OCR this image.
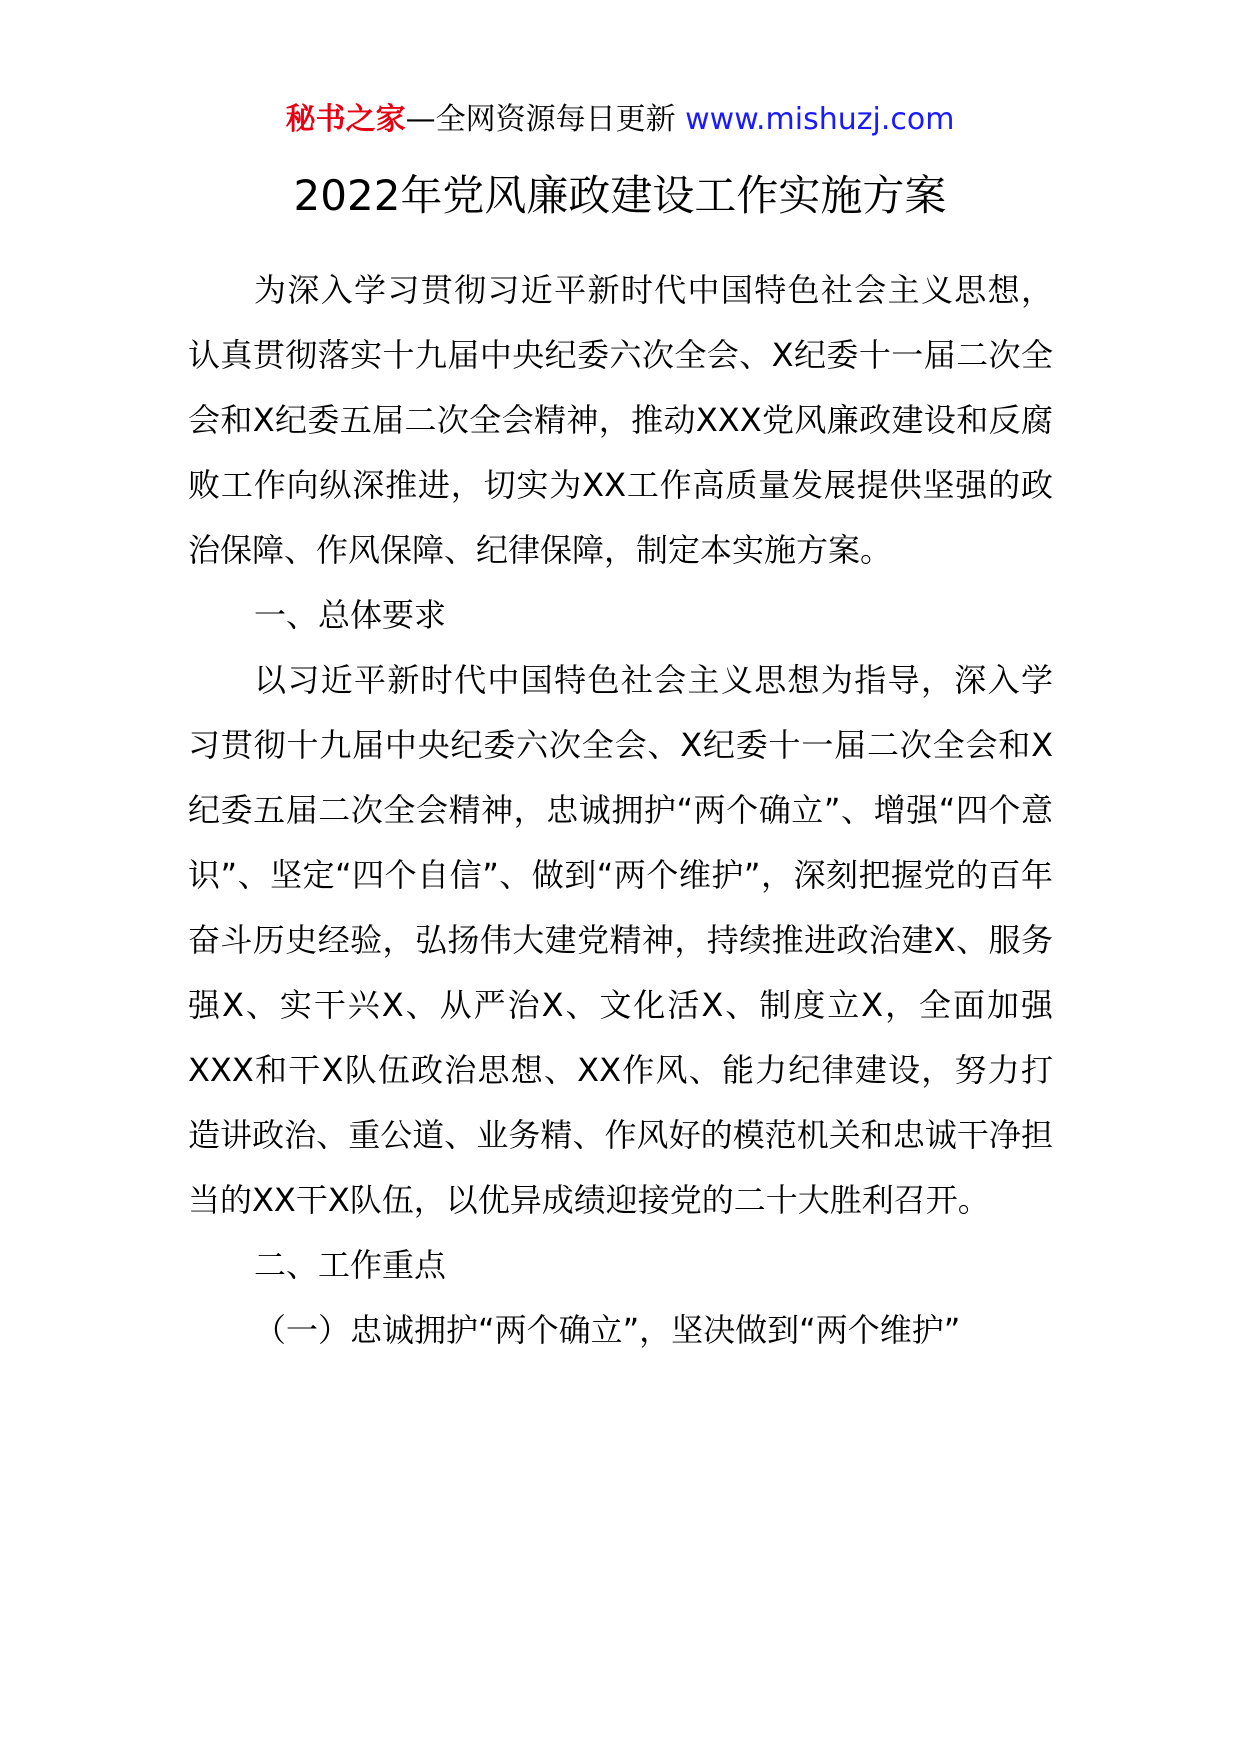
秘书之家—全网资源每日更新 www.mishuzj.com
2022年党风廉政建设工作实施方案

为深入学习贯彻习近平新时代中国特色社会主义思想，认真贯彻落实十九届中央纪委六次全会、X纪委十一届二次全会和X纪委五届二次全会精神，推动XXX党风廉政建设和反腐败工作向纵深推进，切实为XX工作高质量发展提供坚强的政治保障、作风保障、纪律保障，制定本实施方案。

一、总体要求

以习近平新时代中国特色社会主义思想为指导，深入学习贯彻十九届中央纪委六次全会、X纪委十一届二次全会和X纪委五届二次全会精神，忠诚拥护“两个确立”、增强“四个意识”、坚定“四个自信”、做到“两个维护”，深刻把握党的百年奋斗历史经验，弘扬伟大建党精神，持续推进政治建X、服务强X、实干兴X、从严治X、文化活X、制度立X，全面加强XXX和干X队伍政治思想、XX作风、能力纪律建设，努力打造讲政治、重公道、业务精、作风好的模范机关和忠诚干净担当的XX干X队伍，以优异成绩迎接党的二十大胜利召开。

二、工作重点

（一）忠诚拥护“两个确立”，坚决做到“两个维护”
